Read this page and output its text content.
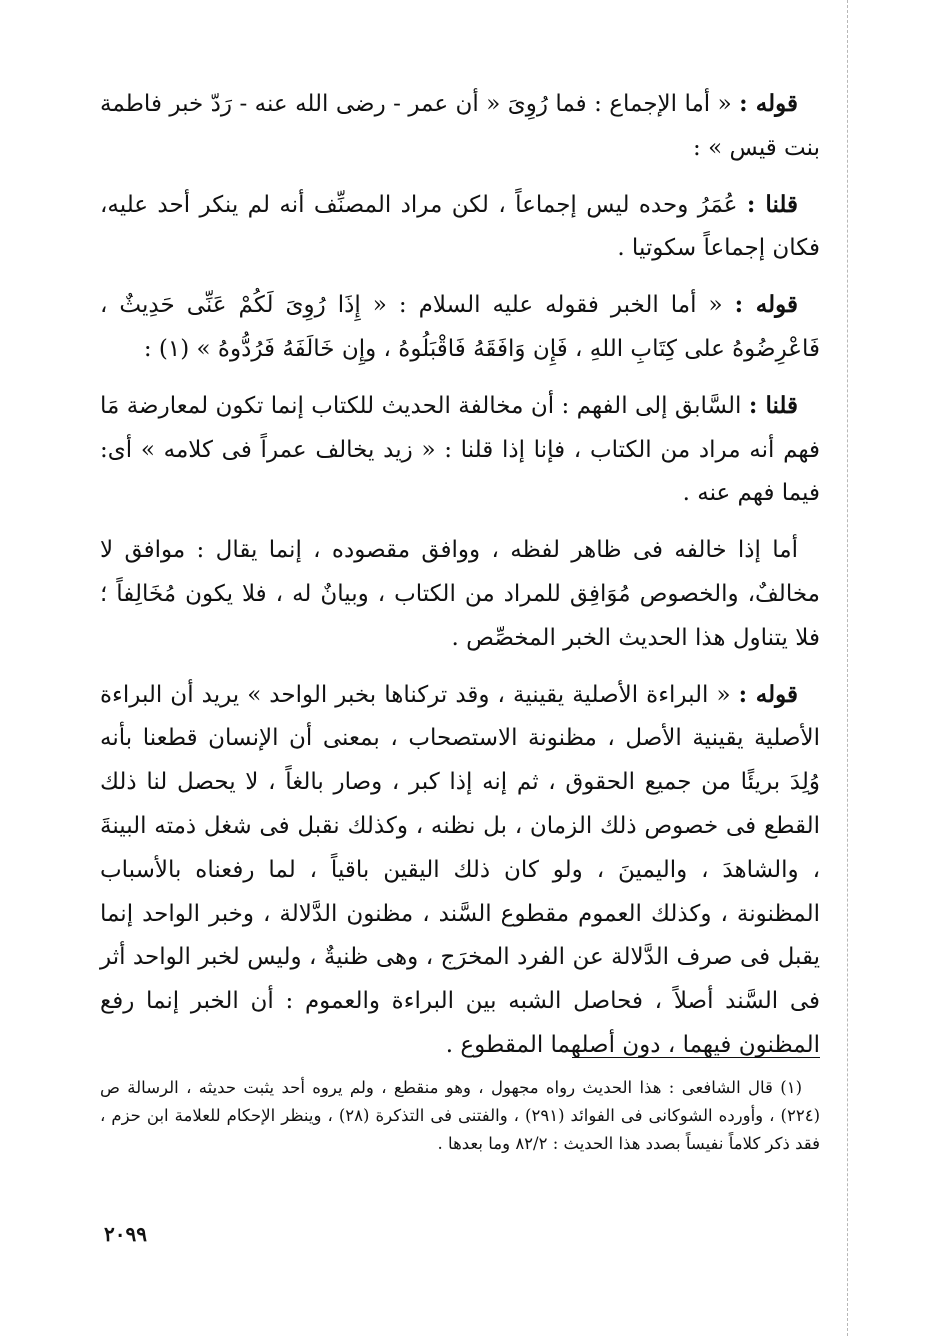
قوله : « أما الإجماع : فما رُوِىَ « أن عمر - رضى الله عنه - رَدّ خبر فاطمة بنت قيس » :

قلنا : عُمَرُ وحده ليس إجماعاً ، لكن مراد المصنِّف أنه لم ينكر أحد عليه، فكان إجماعاً سكوتيا .

قوله : « أما الخبر فقوله عليه السلام : « إِذَا رُوِىَ لَكُمْ عَنِّى حَدِيثٌ ، فَاعْرِضُوهُ على كِتَابِ اللهِ ، فَإِن وَافَقَهُ فَاقْبَلُوهُ ، وإِن خَالَفَهُ فَرُدُّوهُ » (١) :

قلنا : السَّابق إلى الفهم : أن مخالفة الحديث للكتاب إنما تكون لمعارضة مَا فهم أنه مراد من الكتاب ، فإنا إذا قلنا : « زيد يخالف عمراً فى كلامه » أى: فيما فهم عنه .

أما إذا خالفه فى ظاهر لفظه ، ووافق مقصوده ، إنما يقال : موافق لا مخالفٌ، والخصوص مُوَافِق للمراد من الكتاب ، وبيانٌ له ، فلا يكون مُخَالِفاً ؛ فلا يتناول هذا الحديث الخبر المخصِّص .

قوله : « البراءة الأصلية يقينية ، وقد تركناها بخبر الواحد » يريد أن البراءة الأصلية يقينية الأصل ، مظنونة الاستصحاب ، بمعنى أن الإنسان قطعنا بأنه وُلِدَ بريئًا من جميع الحقوق ، ثم إنه إذا كبر ، وصار بالغاً ، لا يحصل لنا ذلك القطع فى خصوص ذلك الزمان ، بل نظنه ، وكذلك نقبل فى شغل ذمته البينةَ ، والشاهدَ ، واليمينَ ، ولو كان ذلك اليقين باقياً ، لما رفعناه بالأسباب المظنونة ، وكذلك العموم مقطوع السَّند ، مظنون الدَّلالة ، وخبر الواحد إنما يقبل فى صرف الدَّلالة عن الفرد المخرَج ، وهى ظنيةٌ ، وليس لخبر الواحد أثر فى السَّند أصلاً ، فحاصل الشبه بين البراءة والعموم : أن الخبر إنما رفع المظنون فيهما ، دون أصلهما المقطوع .

(١) قال الشافعى : هذا الحديث رواه مجهول ، وهو منقطع ، ولم يروه أحد يثبت حديثه ، الرسالة ص (٢٢٤) ، وأورده الشوكانى فى الفوائد (٢٩١) ، والفتنى فى التذكرة (٢٨) ، وينظر الإحكام للعلامة ابن حزم ، فقد ذكر كلاماً نفيساً بصدد هذا الحديث : ٨٢/٢ وما بعدها .

٢٠٩٩
